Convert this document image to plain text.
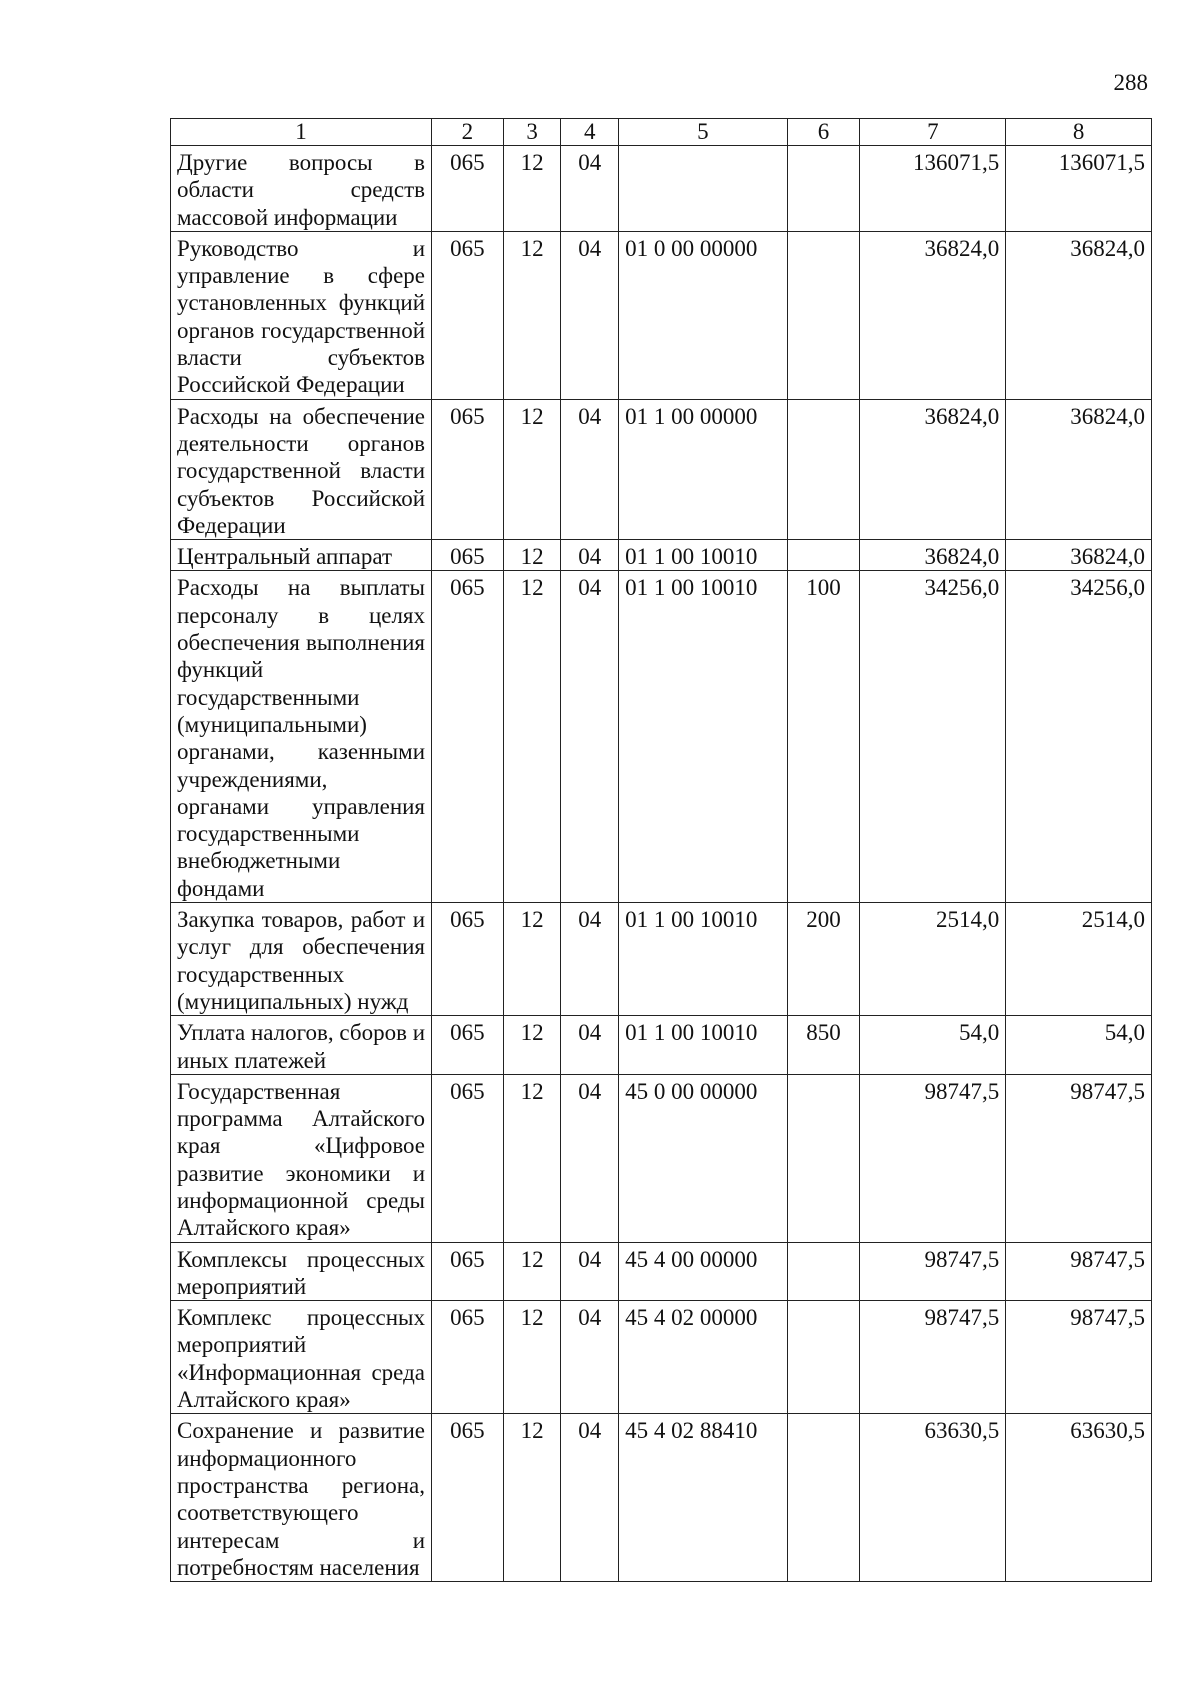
288
1	2	3	4	5	6	7	8
Другие вопросы в области средств массовой информации	065	12	04			136071,5	136071,5
Руководство и управление в сфере установленных функций органов государственной власти субъектов Российской Федерации	065	12	04	01 0 00 00000		36824,0	36824,0
Расходы на обеспечение деятельности органов государственной власти субъектов Российской Федерации	065	12	04	01 1 00 00000		36824,0	36824,0
Центральный аппарат	065	12	04	01 1 00 10010		36824,0	36824,0
Расходы на выплаты персоналу в целях обеспечения выполнения функций государственными (муниципальными) органами, казенными учреждениями, органами управления государственными внебюджетными фондами	065	12	04	01 1 00 10010	100	34256,0	34256,0
Закупка товаров, работ и услуг для обеспечения государственных (муниципальных) нужд	065	12	04	01 1 00 10010	200	2514,0	2514,0
Уплата налогов, сборов и иных платежей	065	12	04	01 1 00 10010	850	54,0	54,0
Государственная программа Алтайского края «Цифровое развитие экономики и информационной среды Алтайского края»	065	12	04	45 0 00 00000		98747,5	98747,5
Комплексы процессных мероприятий	065	12	04	45 4 00 00000		98747,5	98747,5
Комплекс процессных мероприятий «Информационная среда Алтайского края»	065	12	04	45 4 02 00000		98747,5	98747,5
Сохранение и развитие информационного пространства региона, соответствующего интересам и потребностям населения	065	12	04	45 4 02 88410		63630,5	63630,5
